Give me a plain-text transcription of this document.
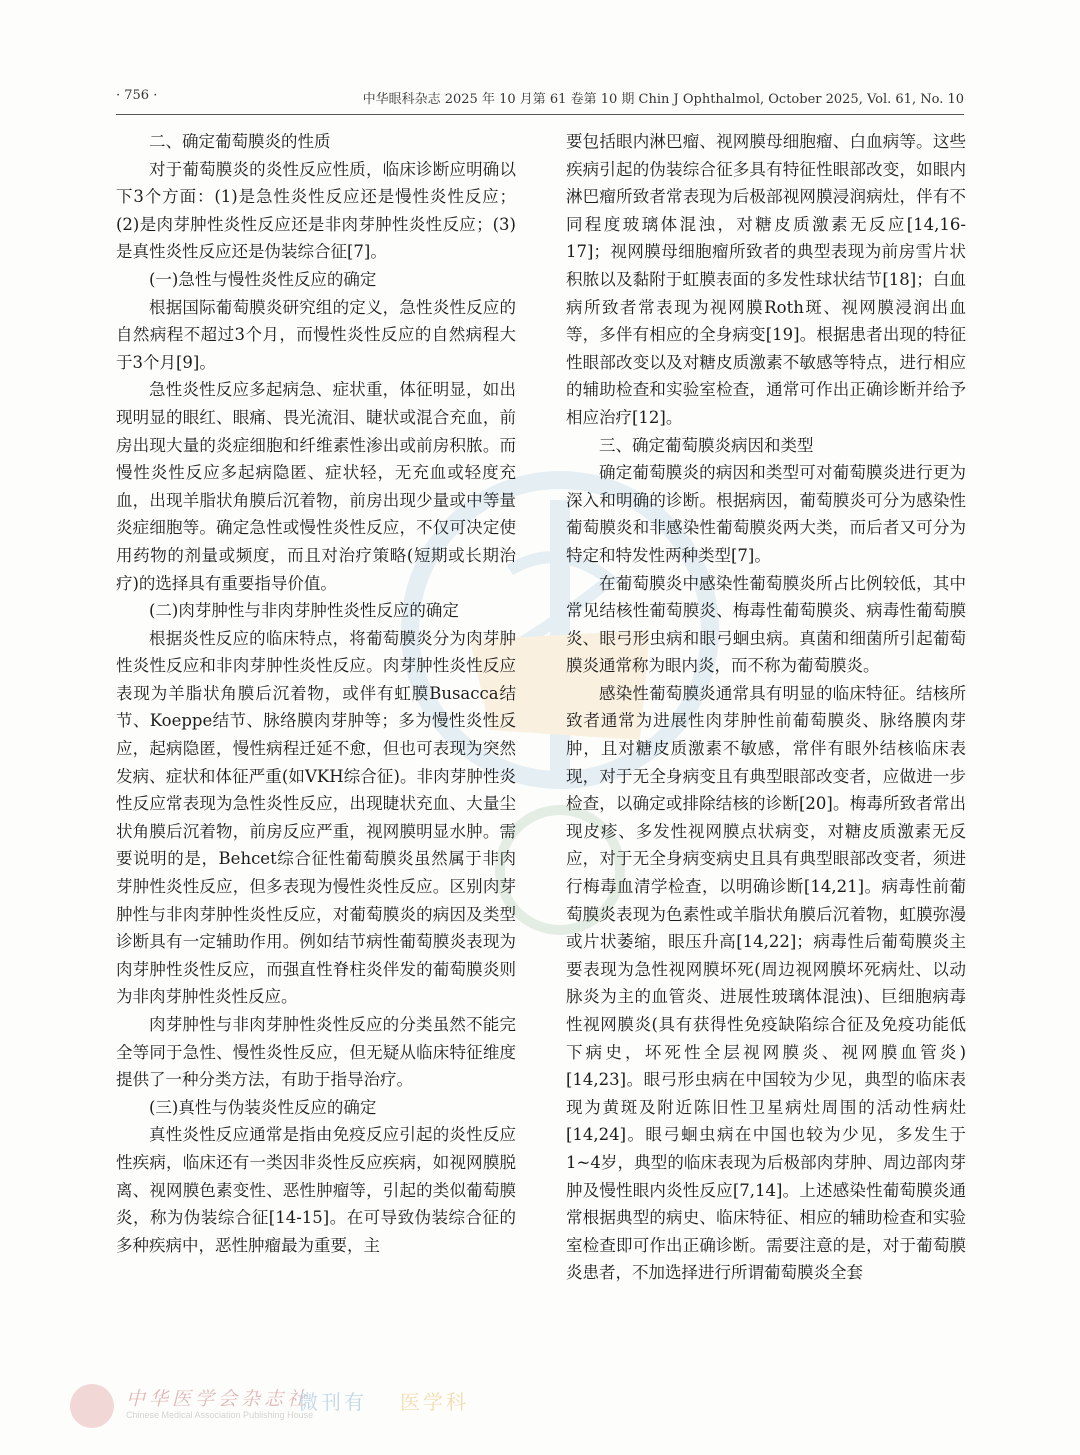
· 756 ·	中华眼科杂志 2025 年 10 月第 61 卷第 10 期 Chin J Ophthalmol, October 2025, Vol. 61, No. 10
二、确定葡萄膜炎的性质

对于葡萄膜炎的炎性反应性质，临床诊断应明确以下3个方面：(1)是急性炎性反应还是慢性炎性反应；(2)是肉芽肿性炎性反应还是非肉芽肿性炎性反应；(3)是真性炎性反应还是伪装综合征[7]。

(一)急性与慢性炎性反应的确定

根据国际葡萄膜炎研究组的定义，急性炎性反应的自然病程不超过3个月，而慢性炎性反应的自然病程大于3个月[9]。

急性炎性反应多起病急、症状重，体征明显，如出现明显的眼红、眼痛、畏光流泪、睫状或混合充血，前房出现大量的炎症细胞和纤维素性渗出或前房积脓。而慢性炎性反应多起病隐匿、症状轻，无充血或轻度充血，出现羊脂状角膜后沉着物，前房出现少量或中等量炎症细胞等。确定急性或慢性炎性反应，不仅可决定使用药物的剂量或频度，而且对治疗策略(短期或长期治疗)的选择具有重要指导价值。

(二)肉芽肿性与非肉芽肿性炎性反应的确定

根据炎性反应的临床特点，将葡萄膜炎分为肉芽肿性炎性反应和非肉芽肿性炎性反应。肉芽肿性炎性反应表现为羊脂状角膜后沉着物，或伴有虹膜Busacca结节、Koeppe结节、脉络膜肉芽肿等；多为慢性炎性反应，起病隐匿，慢性病程迁延不愈，但也可表现为突然发病、症状和体征严重(如VKH综合征)。非肉芽肿性炎性反应常表现为急性炎性反应，出现睫状充血、大量尘状角膜后沉着物，前房反应严重，视网膜明显水肿。需要说明的是，Behcet综合征性葡萄膜炎虽然属于非肉芽肿性炎性反应，但多表现为慢性炎性反应。区别肉芽肿性与非肉芽肿性炎性反应，对葡萄膜炎的病因及类型诊断具有一定辅助作用。例如结节病性葡萄膜炎表现为肉芽肿性炎性反应，而强直性脊柱炎伴发的葡萄膜炎则为非肉芽肿性炎性反应。

肉芽肿性与非肉芽肿性炎性反应的分类虽然不能完全等同于急性、慢性炎性反应，但无疑从临床特征维度提供了一种分类方法，有助于指导治疗。

(三)真性与伪装炎性反应的确定

真性炎性反应通常是指由免疫反应引起的炎性反应性疾病，临床还有一类因非炎性反应疾病，如视网膜脱离、视网膜色素变性、恶性肿瘤等，引起的类似葡萄膜炎，称为伪装综合征[14-15]。在可导致伪装综合征的多种疾病中，恶性肿瘤最为重要，主

要包括眼内淋巴瘤、视网膜母细胞瘤、白血病等。这些疾病引起的伪装综合征多具有特征性眼部改变，如眼内淋巴瘤所致者常表现为后极部视网膜浸润病灶，伴有不同程度玻璃体混浊，对糖皮质激素无反应[14,16-17]；视网膜母细胞瘤所致者的典型表现为前房雪片状积脓以及黏附于虹膜表面的多发性球状结节[18]；白血病所致者常表现为视网膜Roth斑、视网膜浸润出血等，多伴有相应的全身病变[19]。根据患者出现的特征性眼部改变以及对糖皮质激素不敏感等特点，进行相应的辅助检查和实验室检查，通常可作出正确诊断并给予相应治疗[12]。

三、确定葡萄膜炎病因和类型

确定葡萄膜炎的病因和类型可对葡萄膜炎进行更为深入和明确的诊断。根据病因，葡萄膜炎可分为感染性葡萄膜炎和非感染性葡萄膜炎两大类，而后者又可分为特定和特发性两种类型[7]。

在葡萄膜炎中感染性葡萄膜炎所占比例较低，其中常见结核性葡萄膜炎、梅毒性葡萄膜炎、病毒性葡萄膜炎、眼弓形虫病和眼弓蛔虫病。真菌和细菌所引起葡萄膜炎通常称为眼内炎，而不称为葡萄膜炎。

感染性葡萄膜炎通常具有明显的临床特征。结核所致者通常为进展性肉芽肿性前葡萄膜炎、脉络膜肉芽肿，且对糖皮质激素不敏感，常伴有眼外结核临床表现，对于无全身病变且有典型眼部改变者，应做进一步检查，以确定或排除结核的诊断[20]。梅毒所致者常出现皮疹、多发性视网膜点状病变，对糖皮质激素无反应，对于无全身病变病史且具有典型眼部改变者，须进行梅毒血清学检查，以明确诊断[14,21]。病毒性前葡萄膜炎表现为色素性或羊脂状角膜后沉着物，虹膜弥漫或片状萎缩，眼压升高[14,22]；病毒性后葡萄膜炎主要表现为急性视网膜坏死(周边视网膜坏死病灶、以动脉炎为主的血管炎、进展性玻璃体混浊)、巨细胞病毒性视网膜炎(具有获得性免疫缺陷综合征及免疫功能低下病史，坏死性全层视网膜炎、视网膜血管炎)[14,23]。眼弓形虫病在中国较为少见，典型的临床表现为黄斑及附近陈旧性卫星病灶周围的活动性病灶[14,24]。眼弓蛔虫病在中国也较为少见，多发生于1~4岁，典型的临床表现为后极部肉芽肿、周边部肉芽肿及慢性眼内炎性反应[7,14]。上述感染性葡萄膜炎通常根据典型的病史、临床特征、相应的辅助检查和实验室检查即可作出正确诊断。需要注意的是，对于葡萄膜炎患者，不加选择进行所谓葡萄膜炎全套

中华医学会杂志社
Chinese Medical Association Publishing House
微刊有 医学科
